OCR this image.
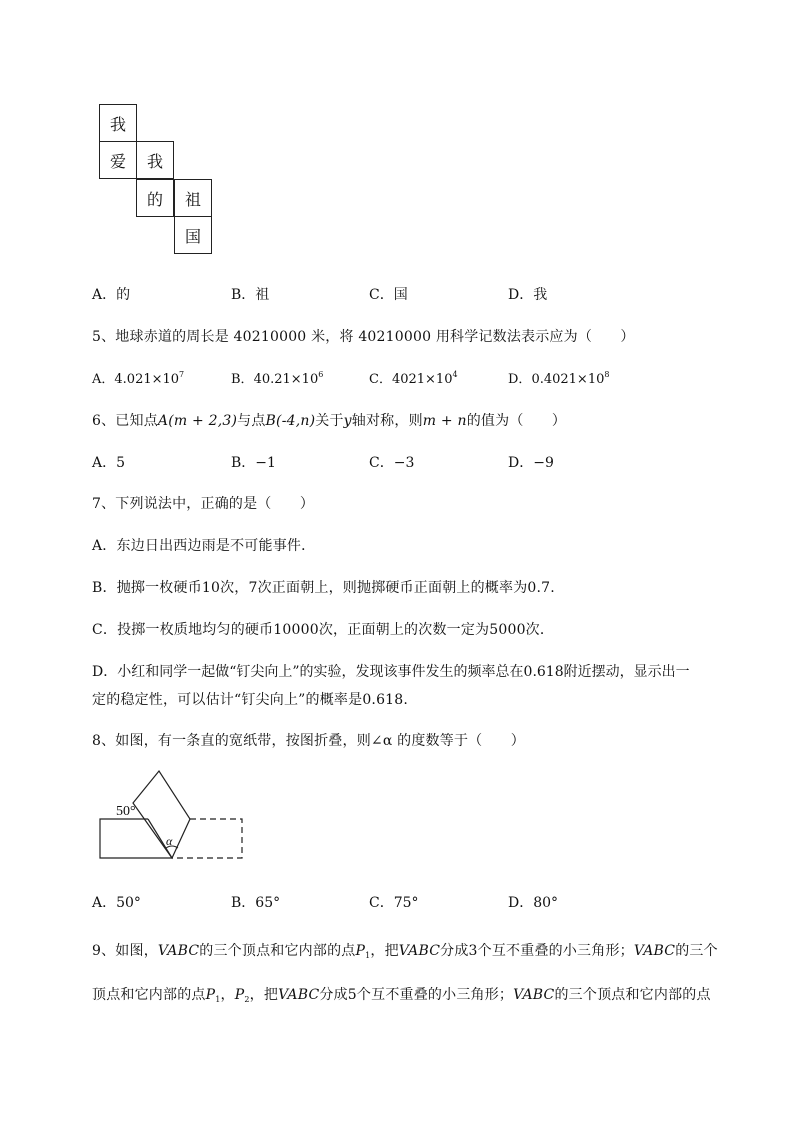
我
爱	我
的	祖
国
A．的	B．祖	C．国	D．我
5、地球赤道的周长是 40210000 米，将 40210000 用科学记数法表示应为（　　）
A．$4.021\times 10^7$	B．$40.21\times 10^6$	C．$4021\times 10^4$	D．$0.4021\times 10^8$
6、已知点A(m + 2,3)与点B(-4,n)关于y轴对称，则m + n的值为（　　）
A．5	B．−1	C．−3	D．−9
7、下列说法中，正确的是（　　）
A．东边日出西边雨是不可能事件．
B．抛掷一枚硬币10次，7次正面朝上，则抛掷硬币正面朝上的概率为0.7.
C．投掷一枚质地均匀的硬币10000次，正面朝上的次数一定为5000次．
D．小红和同学一起做“钉尖向上”的实验，发现该事件发生的频率总在0.618附近摆动，显示出一
定的稳定性，可以估计“钉尖向上”的概率是0.618.
8、如图，有一条直的宽纸带，按图折叠，则∠α 的度数等于（　　）
50°
α
A．50°	B．65°	C．75°	D．80°
9、如图，VABC的三个顶点和它内部的点$P_1$，把VABC分成3个互不重叠的小三角形；VABC的三个
顶点和它内部的点$P_1$，$P_2$，把VABC分成5个互不重叠的小三角形；VABC的三个顶点和它内部的点
